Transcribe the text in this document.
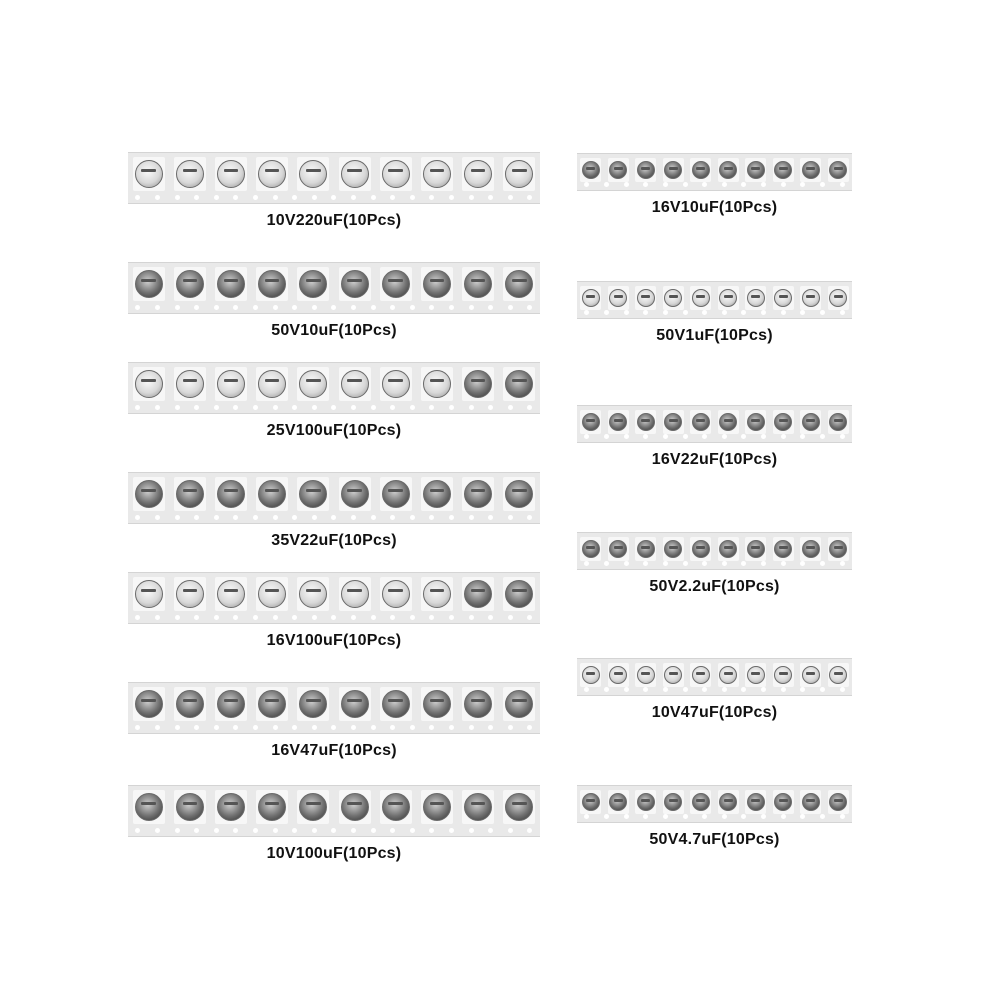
10V220uF(10Pcs)
50V10uF(10Pcs)
25V100uF(10Pcs)
35V22uF(10Pcs)
16V100uF(10Pcs)
16V47uF(10Pcs)
10V100uF(10Pcs)
16V10uF(10Pcs)
50V1uF(10Pcs)
16V22uF(10Pcs)
50V2.2uF(10Pcs)
10V47uF(10Pcs)
50V4.7uF(10Pcs)
